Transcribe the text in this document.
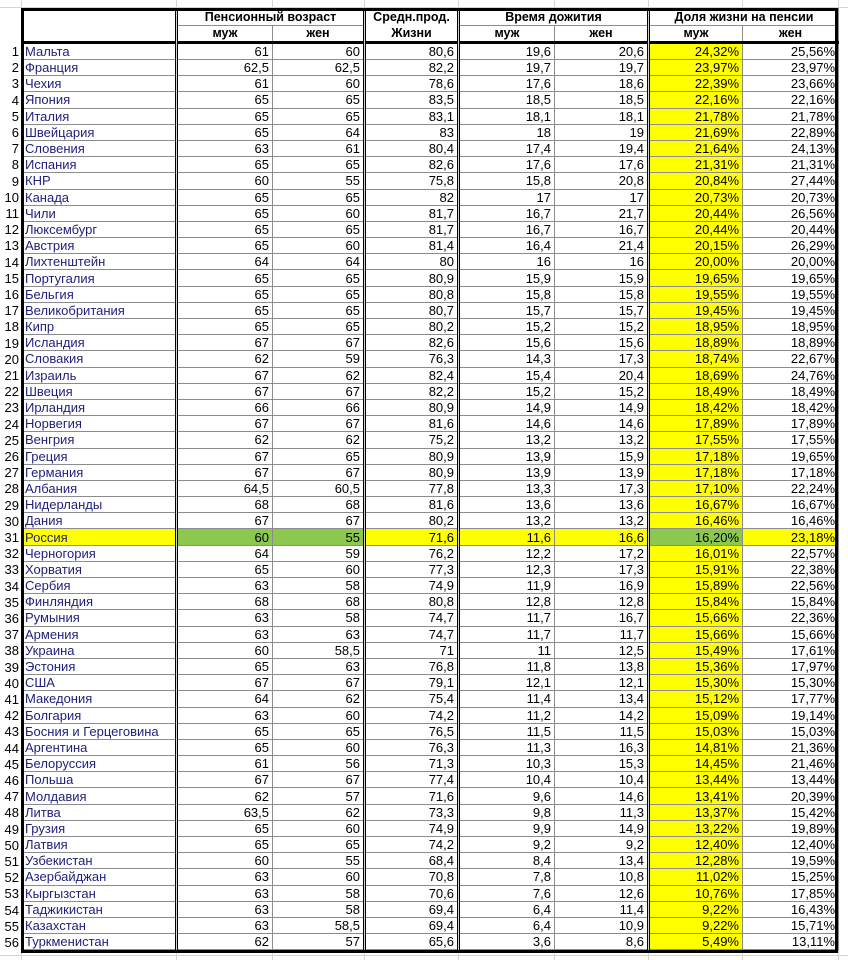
1
2
3
4
5
6
7
8
9
10
11
12
13
14
15
16
17
18
19
20
21
22
23
24
25
26
27
28
29
30
31
32
33
34
35
36
37
38
39
40
41
42
43
44
45
46
47
48
49
50
51
52
53
54
55
56
	Пенсионный возраст		Средн.прод.	Время дожития		Доля жизни на пенсии	
	муж	жен	Жизни	муж	жен	муж	жен
Мальта	61	60	80,6	19,6	20,6	24,32%	25,56%
Франция	62,5	62,5	82,2	19,7	19,7	23,97%	23,97%
Чехия	61	60	78,6	17,6	18,6	22,39%	23,66%
Япония	65	65	83,5	18,5	18,5	22,16%	22,16%
Италия	65	65	83,1	18,1	18,1	21,78%	21,78%
Швейцария	65	64	83	18	19	21,69%	22,89%
Словения	63	61	80,4	17,4	19,4	21,64%	24,13%
Испания	65	65	82,6	17,6	17,6	21,31%	21,31%
КНР	60	55	75,8	15,8	20,8	20,84%	27,44%
Канада	65	65	82	17	17	20,73%	20,73%
Чили	65	60	81,7	16,7	21,7	20,44%	26,56%
Люксембург	65	65	81,7	16,7	16,7	20,44%	20,44%
Австрия	65	60	81,4	16,4	21,4	20,15%	26,29%
Лихтенштейн	64	64	80	16	16	20,00%	20,00%
Португалия	65	65	80,9	15,9	15,9	19,65%	19,65%
Бельгия	65	65	80,8	15,8	15,8	19,55%	19,55%
Великобритания	65	65	80,7	15,7	15,7	19,45%	19,45%
Кипр	65	65	80,2	15,2	15,2	18,95%	18,95%
Исландия	67	67	82,6	15,6	15,6	18,89%	18,89%
Словакия	62	59	76,3	14,3	17,3	18,74%	22,67%
Израиль	67	62	82,4	15,4	20,4	18,69%	24,76%
Швеция	67	67	82,2	15,2	15,2	18,49%	18,49%
Ирландия	66	66	80,9	14,9	14,9	18,42%	18,42%
Норвегия	67	67	81,6	14,6	14,6	17,89%	17,89%
Венгрия	62	62	75,2	13,2	13,2	17,55%	17,55%
Греция	67	65	80,9	13,9	15,9	17,18%	19,65%
Германия	67	67	80,9	13,9	13,9	17,18%	17,18%
Албания	64,5	60,5	77,8	13,3	17,3	17,10%	22,24%
Нидерланды	68	68	81,6	13,6	13,6	16,67%	16,67%
Дания	67	67	80,2	13,2	13,2	16,46%	16,46%
Россия	60	55	71,6	11,6	16,6	16,20%	23,18%
Черногория	64	59	76,2	12,2	17,2	16,01%	22,57%
Хорватия	65	60	77,3	12,3	17,3	15,91%	22,38%
Сербия	63	58	74,9	11,9	16,9	15,89%	22,56%
Финляндия	68	68	80,8	12,8	12,8	15,84%	15,84%
Румыния	63	58	74,7	11,7	16,7	15,66%	22,36%
Армения	63	63	74,7	11,7	11,7	15,66%	15,66%
Украина	60	58,5	71	11	12,5	15,49%	17,61%
Эстония	65	63	76,8	11,8	13,8	15,36%	17,97%
США	67	67	79,1	12,1	12,1	15,30%	15,30%
Македония	64	62	75,4	11,4	13,4	15,12%	17,77%
Болгария	63	60	74,2	11,2	14,2	15,09%	19,14%
Босния и Герцеговина	65	65	76,5	11,5	11,5	15,03%	15,03%
Аргентина	65	60	76,3	11,3	16,3	14,81%	21,36%
Белоруссия	61	56	71,3	10,3	15,3	14,45%	21,46%
Польша	67	67	77,4	10,4	10,4	13,44%	13,44%
Молдавия	62	57	71,6	9,6	14,6	13,41%	20,39%
Литва	63,5	62	73,3	9,8	11,3	13,37%	15,42%
Грузия	65	60	74,9	9,9	14,9	13,22%	19,89%
Латвия	65	65	74,2	9,2	9,2	12,40%	12,40%
Узбекистан	60	55	68,4	8,4	13,4	12,28%	19,59%
Азербайджан	63	60	70,8	7,8	10,8	11,02%	15,25%
Кыргызстан	63	58	70,6	7,6	12,6	10,76%	17,85%
Таджикистан	63	58	69,4	6,4	11,4	9,22%	16,43%
Казахстан	63	58,5	69,4	6,4	10,9	9,22%	15,71%
Туркменистан	62	57	65,6	3,6	8,6	5,49%	13,11%
